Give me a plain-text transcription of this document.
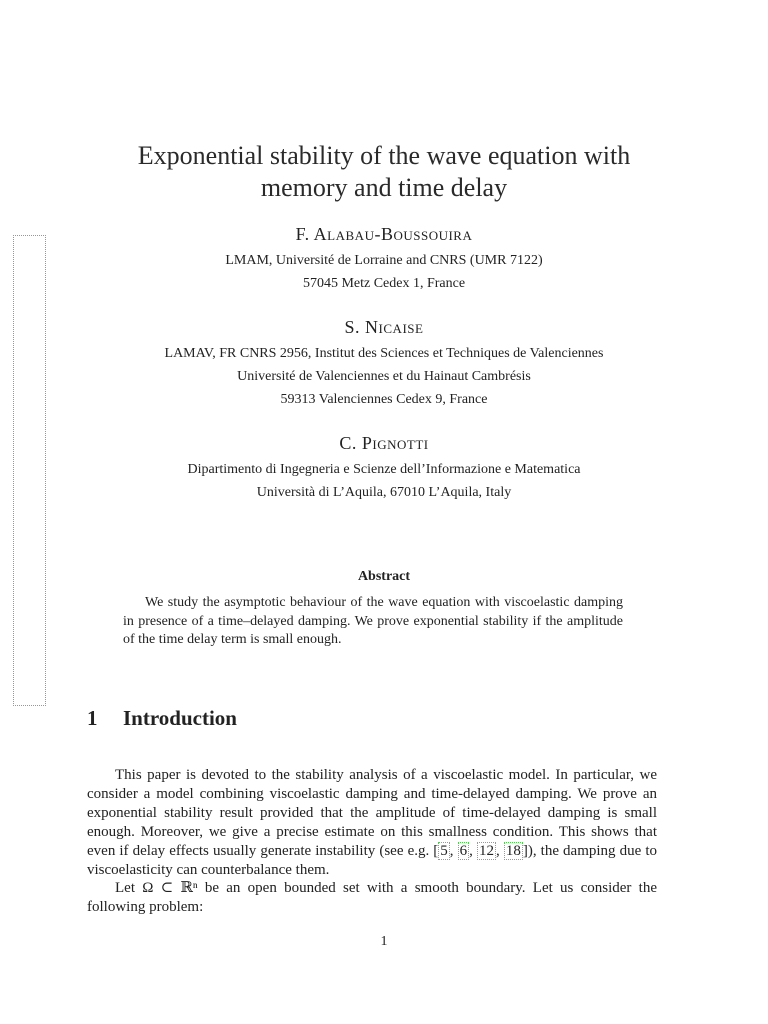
Exponential stability of the wave equation with
memory and time delay
F. Alabau-Boussouira
LMAM, Université de Lorraine and CNRS (UMR 7122)
57045 Metz Cedex 1, France
S. Nicaise
LAMAV, FR CNRS 2956, Institut des Sciences et Techniques de Valenciennes
Université de Valenciennes et du Hainaut Cambrésis
59313 Valenciennes Cedex 9, France
C. Pignotti
Dipartimento di Ingegneria e Scienze dell’Informazione e Matematica
Università di L’Aquila, 67010 L’Aquila, Italy
Abstract

We study the asymptotic behaviour of the wave equation with viscoelastic damping in presence of a time–delayed damping. We prove exponential stability if the amplitude of the time delay term is small enough.

1 Introduction

This paper is devoted to the stability analysis of a viscoelastic model. In particular, we consider a model combining viscoelastic damping and time-delayed damping. We prove an exponential stability result provided that the amplitude of time-delayed damping is small enough. Moreover, we give a precise estimate on this smallness condition. This shows that even if delay effects usually generate instability (see e.g. [ 5 , 6 , 12 , 18 ]), the damping due to viscoelasticity can counterbalance them.

Let Ω ⊂ ℝⁿ be an open bounded set with a smooth boundary. Let us consider the following problem:

1
